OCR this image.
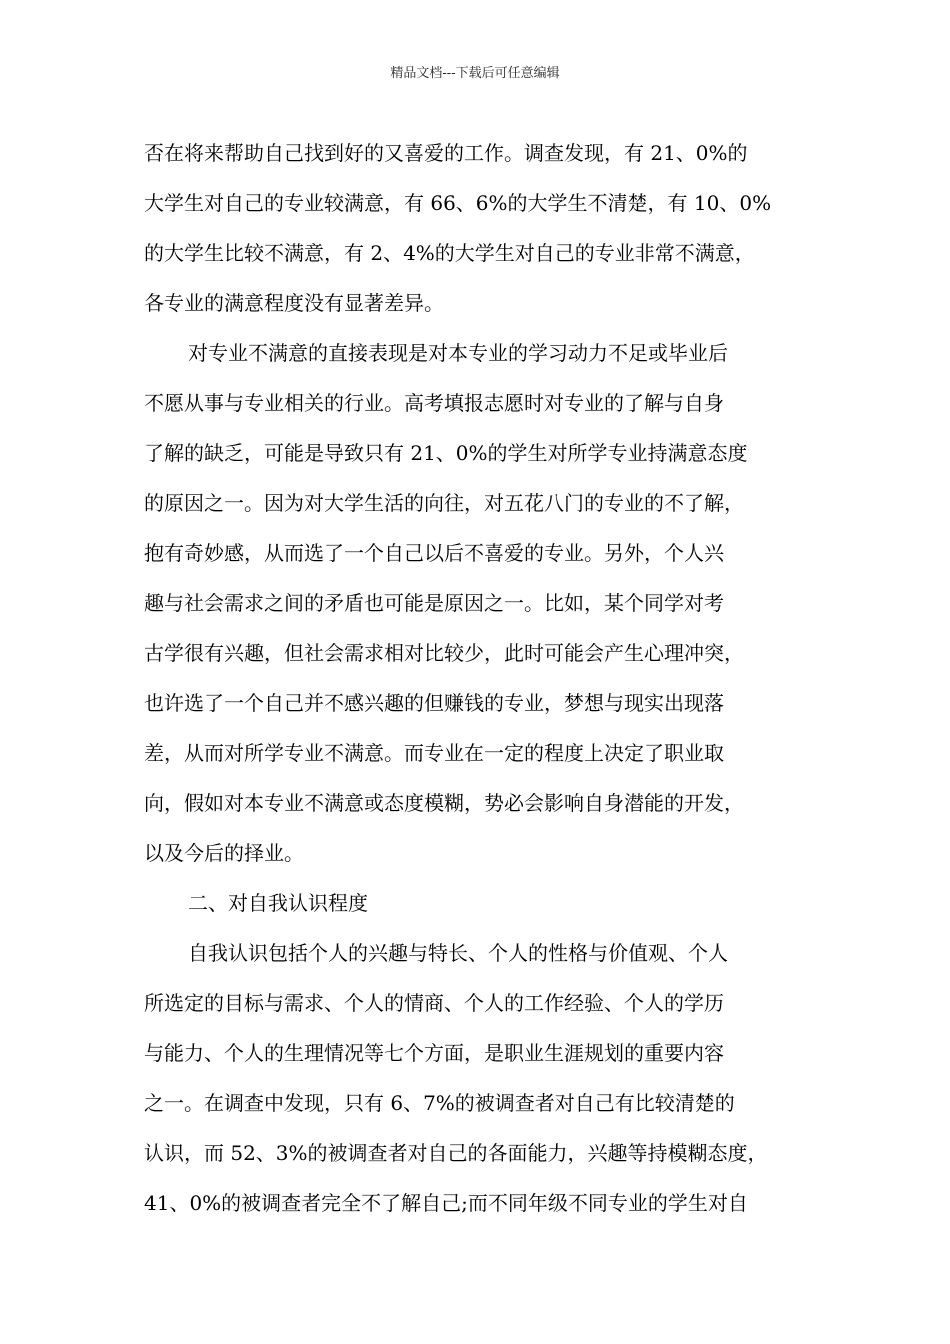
精品文档---下载后可任意编辑
否在将来帮助自己找到好的又喜爱的工作。调查发现，有 21、0%的
大学生对自己的专业较满意，有 66、6%的大学生不清楚，有 10、0%
的大学生比较不满意，有 2、4%的大学生对自己的专业非常不满意，
各专业的满意程度没有显著差异。
对专业不满意的直接表现是对本专业的学习动力不足或毕业后
不愿从事与专业相关的行业。高考填报志愿时对专业的了解与自身
了解的缺乏，可能是导致只有 21、0%的学生对所学专业持满意态度
的原因之一。因为对大学生活的向往，对五花八门的专业的不了解，
抱有奇妙感，从而选了一个自己以后不喜爱的专业。另外，个人兴
趣与社会需求之间的矛盾也可能是原因之一。比如，某个同学对考
古学很有兴趣，但社会需求相对比较少，此时可能会产生心理冲突，
也许选了一个自己并不感兴趣的但赚钱的专业，梦想与现实出现落
差，从而对所学专业不满意。而专业在一定的程度上决定了职业取
向，假如对本专业不满意或态度模糊，势必会影响自身潜能的开发，
以及今后的择业。
二、对自我认识程度
自我认识包括个人的兴趣与特长、个人的性格与价值观、个人
所选定的目标与需求、个人的情商、个人的工作经验、个人的学历
与能力、个人的生理情况等七个方面，是职业生涯规划的重要内容
之一。在调查中发现，只有 6、7%的被调查者对自己有比较清楚的
认识，而 52、3%的被调查者对自己的各面能力，兴趣等持模糊态度，
41、0%的被调查者完全不了解自己;而不同年级不同专业的学生对自
